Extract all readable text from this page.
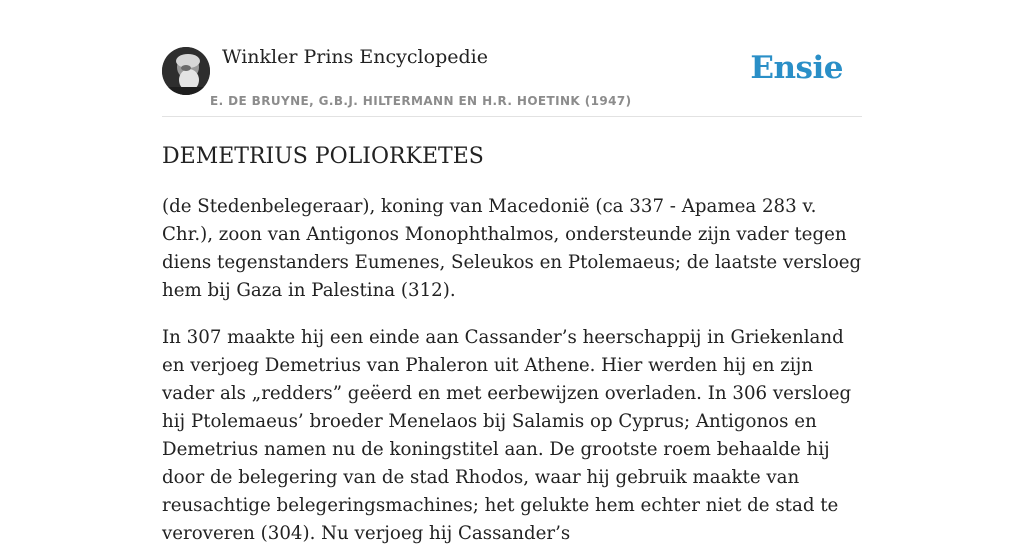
Winkler Prins Encyclopedie	Ensie
E. DE BRUYNE, G.B.J. HILTERMANN EN H.R. HOETINK (1947)
DEMETRIUS POLIORKETES

(de Stedenbelegeraar), koning van Macedonië (ca 337 - Apamea 283 v. Chr.), zoon van Antigonos Monophthalmos, ondersteunde zijn vader tegen diens tegenstanders Eumenes, Seleukos en Ptolemaeus; de laatste versloeg hem bij Gaza in Palestina (312).

In 307 maakte hij een einde aan Cassander’s heerschappij in Griekenland en verjoeg Demetrius van Phaleron uit Athene. Hier werden hij en zijn vader als „redders” geëerd en met eerbewijzen overladen. In 306 versloeg hij Ptolemaeus’ broeder Menelaos bij Salamis op Cyprus; Antigonos en Demetrius namen nu de koningstitel aan. De grootste roem behaalde hij door de belegering van de stad Rhodos, waar hij gebruik maakte van reusachtige belegeringsmachines; het gelukte hem echter niet de stad te veroveren (304). Nu verjoeg hij Cassander’s
